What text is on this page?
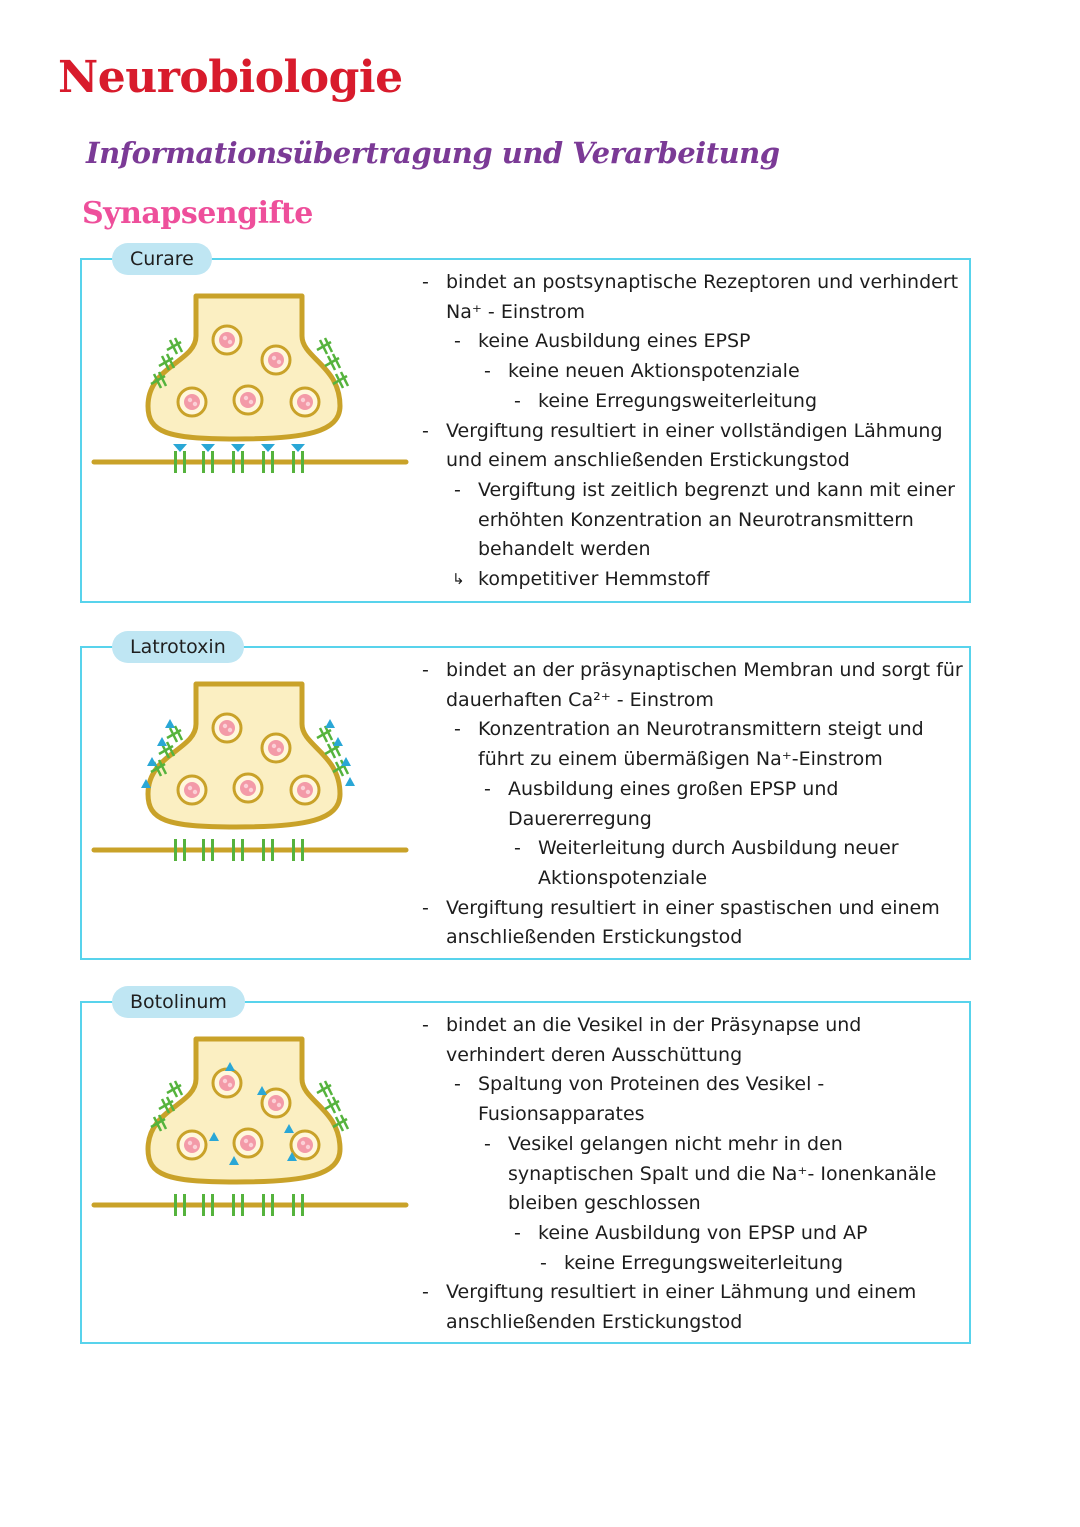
Neurobiologie
Informationsübertragung und Verarbeitung
Synapsengifte
Curare
- bindet an postsynaptische Rezeptoren und verhindert Na⁺ - Einstrom
- keine Ausbildung eines EPSP
- keine neuen Aktionspotenziale
- keine Erregungsweiterleitung
- Vergiftung resultiert in einer vollständigen Lähmung und einem anschließenden Erstickungstod
- Vergiftung ist zeitlich begrenzt und kann mit einer erhöhten Konzentration an Neurotransmittern behandelt werden
↳ kompetitiver Hemmstoff
Latrotoxin
- bindet an der präsynaptischen Membran und sorgt für dauerhaften Ca²⁺ - Einstrom
- Konzentration an Neurotransmittern steigt und führt zu einem übermäßigen Na⁺-Einstrom
- Ausbildung eines großen EPSP und Dauererregung
- Weiterleitung durch Ausbildung neuer Aktionspotenziale
- Vergiftung resultiert in einer spastischen und einem anschließenden Erstickungstod
Botolinum
- bindet an die Vesikel in der Präsynapse und verhindert deren Ausschüttung
- Spaltung von Proteinen des Vesikel - Fusionsapparates
- Vesikel gelangen nicht mehr in den synaptischen Spalt und die Na⁺- Ionenkanäle bleiben geschlossen
- keine Ausbildung von EPSP und AP
- keine Erregungsweiterleitung
- Vergiftung resultiert in einer Lähmung und einem anschließenden Erstickungstod
